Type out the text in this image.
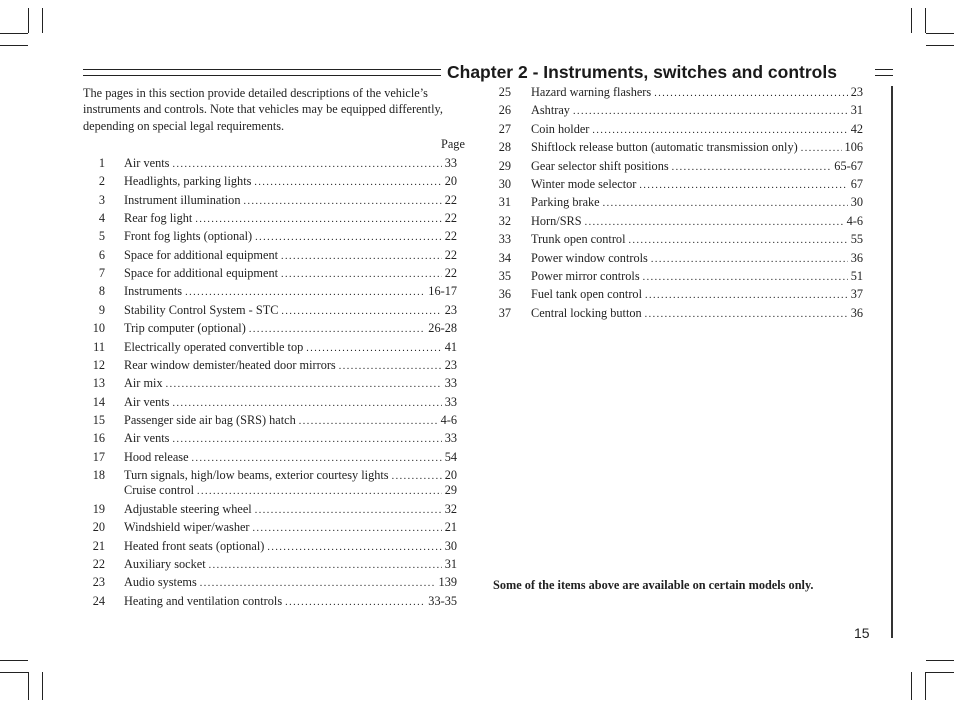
Chapter 2 - Instruments, switches and controls
The pages in this section provide detailed descriptions of the vehicle’s instruments and controls. Note that vehicles may be equipped differently, depending on special legal requirements.
Page
1 Air vents .....	33
2 Headlights, parking lights .....	20
3 Instrument illumination .....	22
4 Rear fog light .....	22
5 Front fog lights (optional) .....	22
6 Space for additional equipment .....	22
7 Space for additional equipment .....	22
8 Instruments .....	16-17
9 Stability Control System - STC .....	23
10 Trip computer (optional) .....	26-28
11 Electrically operated convertible top .....	41
12 Rear window demister/heated door mirrors .....	23
13 Air mix .....	33
14 Air vents .....	33
15 Passenger side air bag (SRS) hatch .....	4-6
16 Air vents .....	33
17 Hood release .....	54
18 Turn signals, high/low beams, exterior courtesy lights .....	20
Cruise control .....	29
19 Adjustable steering wheel .....	32
20 Windshield wiper/washer .....	21
21 Heated front seats (optional) .....	30
22 Auxiliary socket .....	31
23 Audio systems .....	139
24 Heating and ventilation controls .....	33-35
25 Hazard warning flashers .....	23
26 Ashtray .....	31
27 Coin holder .....	42
28 Shiftlock release button (automatic transmission only) .....	106
29 Gear selector shift positions .....	65-67
30 Winter mode selector .....	67
31 Parking brake .....	30
32 Horn/SRS .....	4-6
33 Trunk open control .....	55
34 Power window controls .....	36
35 Power mirror controls .....	51
36 Fuel tank open control .....	37
37 Central locking button .....	36
Some of the items above are available on certain models only.
15
